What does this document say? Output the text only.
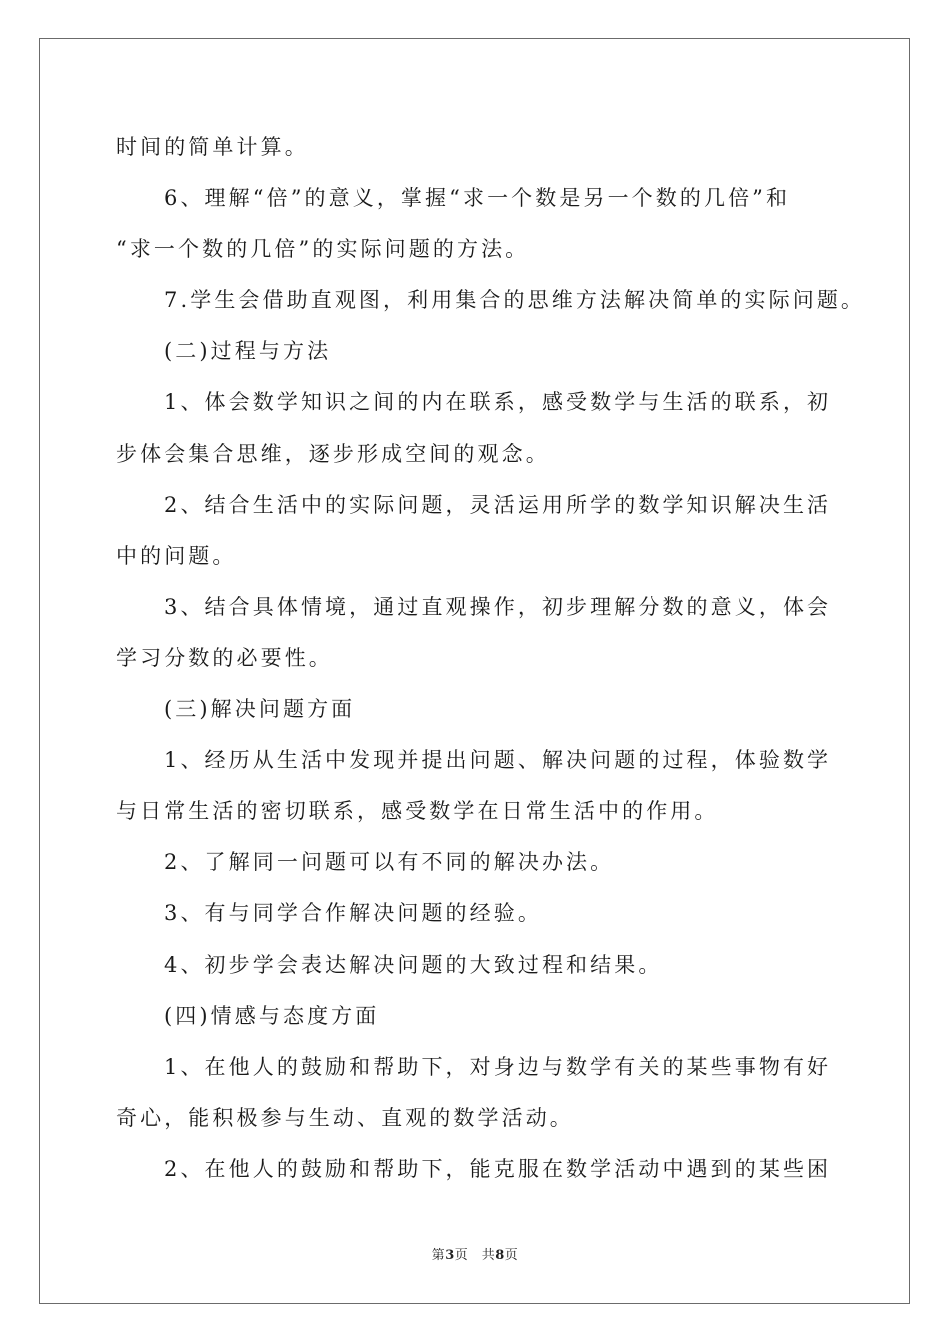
时间的简单计算。
6、理解“倍”的意义，掌握“求一个数是另一个数的几倍”和
“求一个数的几倍”的实际问题的方法。
7.学生会借助直观图，利用集合的思维方法解决简单的实际问题。
(二)过程与方法
1、体会数学知识之间的内在联系，感受数学与生活的联系，初
步体会集合思维，逐步形成空间的观念。
2、结合生活中的实际问题，灵活运用所学的数学知识解决生活
中的问题。
3、结合具体情境，通过直观操作，初步理解分数的意义，体会
学习分数的必要性。
(三)解决问题方面
1、经历从生活中发现并提出问题、解决问题的过程，体验数学
与日常生活的密切联系，感受数学在日常生活中的作用。
2、了解同一问题可以有不同的解决办法。
3、有与同学合作解决问题的经验。
4、初步学会表达解决问题的大致过程和结果。
(四)情感与态度方面
1、在他人的鼓励和帮助下，对身边与数学有关的某些事物有好
奇心，能积极参与生动、直观的数学活动。
2、在他人的鼓励和帮助下，能克服在数学活动中遇到的某些困
第3页　共8页
